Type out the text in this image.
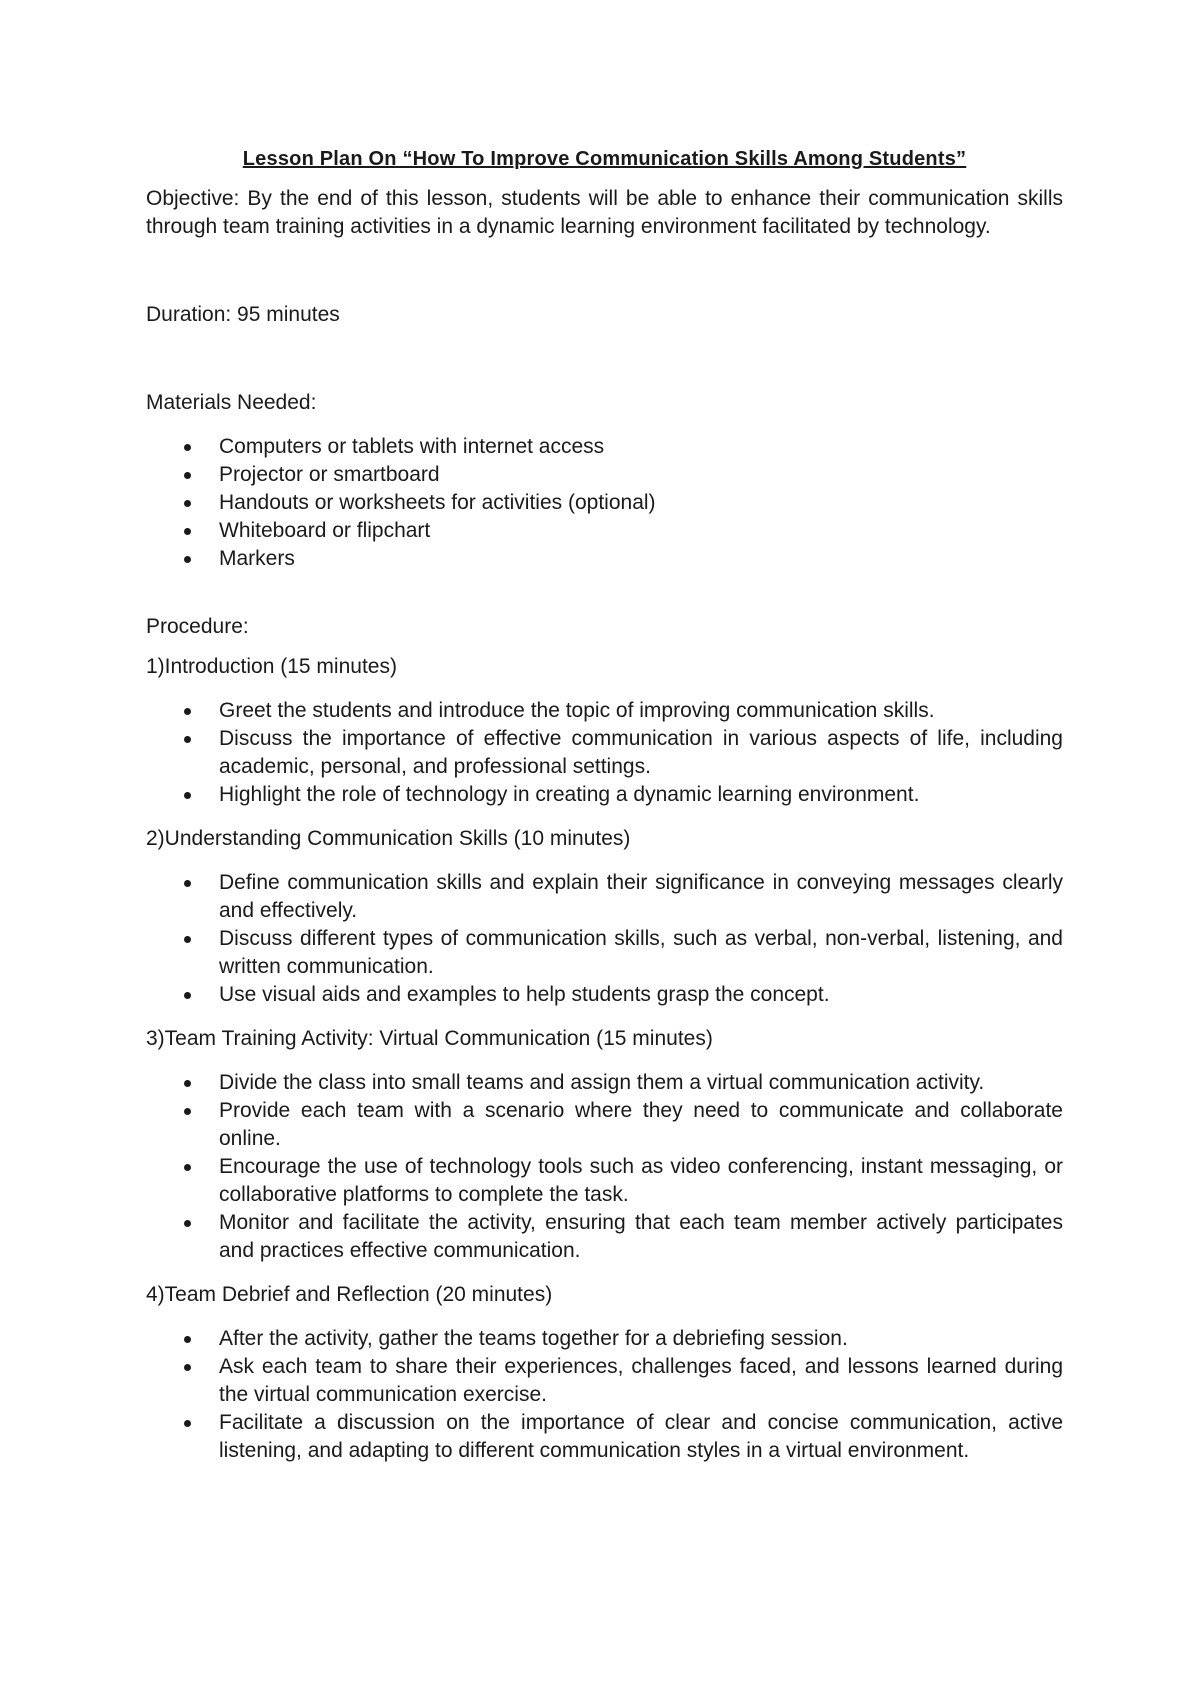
Lesson Plan On “How To Improve Communication Skills Among Students”

Objective: By the end of this lesson, students will be able to enhance their communication skills through team training activities in a dynamic learning environment facilitated by technology.

Duration: 95 minutes

Materials Needed:

Computers or tablets with internet access
Projector or smartboard
Handouts or worksheets for activities (optional)
Whiteboard or flipchart
Markers

Procedure:

1)Introduction (15 minutes)

Greet the students and introduce the topic of improving communication skills.
Discuss the importance of effective communication in various aspects of life, including academic, personal, and professional settings.
Highlight the role of technology in creating a dynamic learning environment.

2)Understanding Communication Skills (10 minutes)

Define communication skills and explain their significance in conveying messages clearly and effectively.
Discuss different types of communication skills, such as verbal, non-verbal, listening, and written communication.
Use visual aids and examples to help students grasp the concept.

3)Team Training Activity: Virtual Communication (15 minutes)

Divide the class into small teams and assign them a virtual communication activity.
Provide each team with a scenario where they need to communicate and collaborate online.
Encourage the use of technology tools such as video conferencing, instant messaging, or collaborative platforms to complete the task.
Monitor and facilitate the activity, ensuring that each team member actively participates and practices effective communication.

4)Team Debrief and Reflection (20 minutes)

After the activity, gather the teams together for a debriefing session.
Ask each team to share their experiences, challenges faced, and lessons learned during the virtual communication exercise.
Facilitate a discussion on the importance of clear and concise communication, active listening, and adapting to different communication styles in a virtual environment.
